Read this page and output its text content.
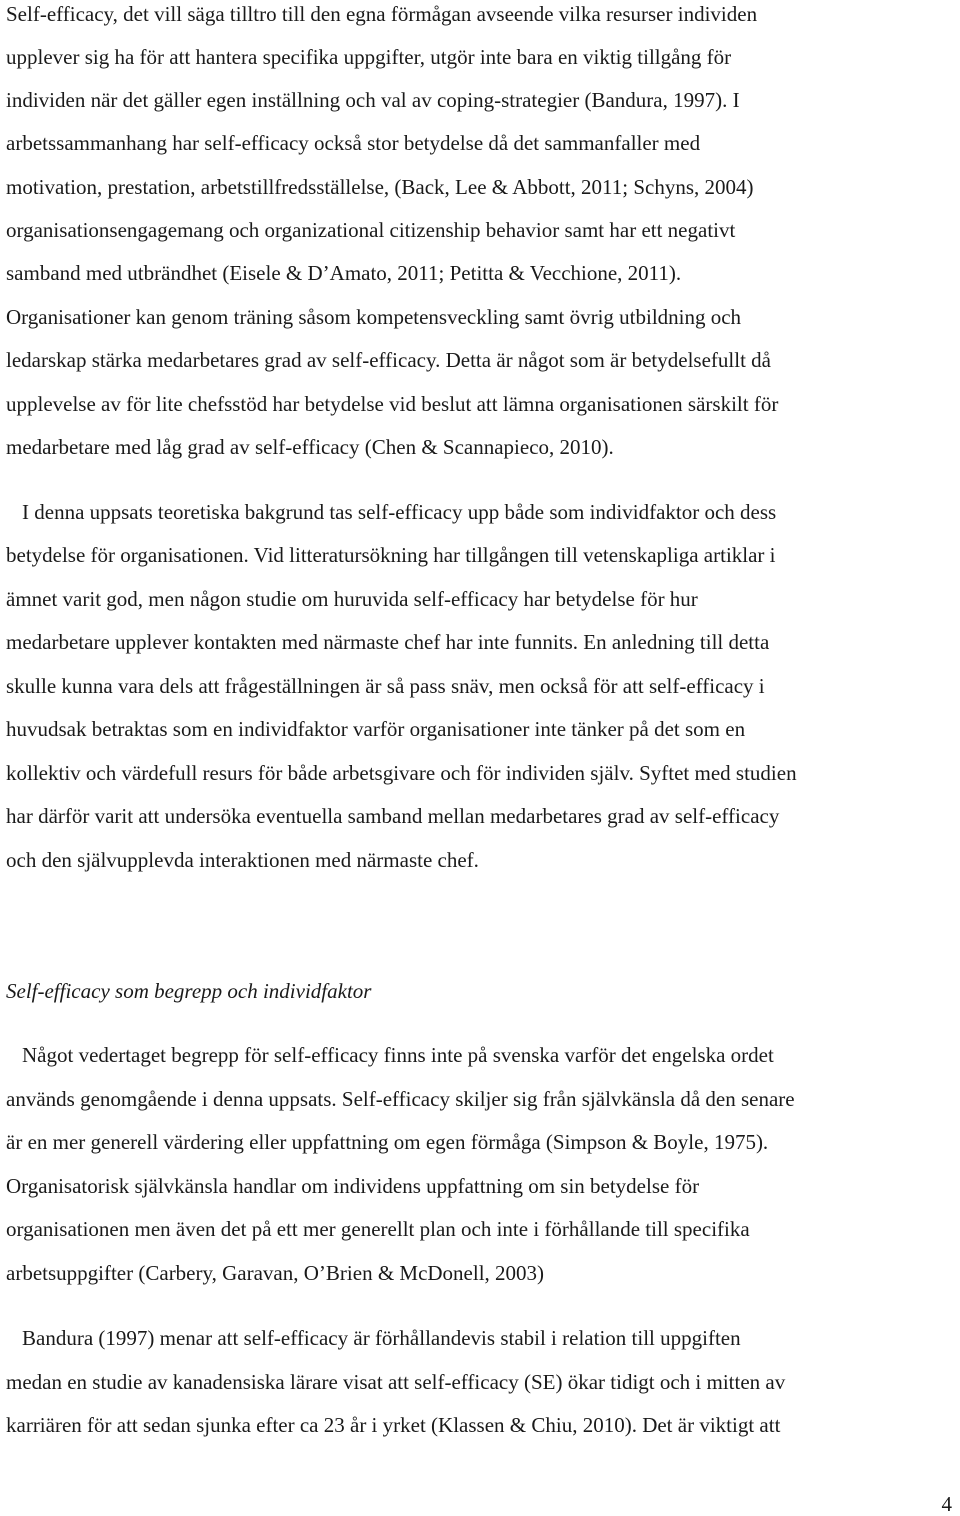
Self-efficacy, det vill säga tilltro till den egna förmågan avseende vilka resurser individen
upplever sig ha för att hantera specifika uppgifter, utgör inte bara en viktig tillgång för
individen när det gäller egen inställning och val av coping-strategier (Bandura, 1997). I
arbetssammanhang har self-efficacy också stor betydelse då det sammanfaller med
motivation, prestation, arbetstillfredsställelse, (Back, Lee & Abbott, 2011; Schyns, 2004)
organisationsengagemang och organizational citizenship behavior samt har ett negativt
samband med utbrändhet (Eisele & D’Amato, 2011; Petitta & Vecchione, 2011).
Organisationer kan genom träning såsom kompetensveckling samt övrig utbildning och
ledarskap stärka medarbetares grad av self-efficacy. Detta är något som är betydelsefullt då
upplevelse av för lite chefsstöd har betydelse vid beslut att lämna organisationen särskilt för
medarbetare med låg grad av self-efficacy (Chen & Scannapieco, 2010).
I denna uppsats teoretiska bakgrund tas self-efficacy upp både som individfaktor och dess
betydelse för organisationen. Vid litteratursökning har tillgången till vetenskapliga artiklar i
ämnet varit god, men någon studie om huruvida self-efficacy har betydelse för hur
medarbetare upplever kontakten med närmaste chef har inte funnits. En anledning till detta
skulle kunna vara dels att frågeställningen är så pass snäv, men också för att self-efficacy i
huvudsak betraktas som en individfaktor varför organisationer inte tänker på det som en
kollektiv och värdefull resurs för både arbetsgivare och för individen själv. Syftet med studien
har därför varit att undersöka eventuella samband mellan medarbetares grad av self-efficacy
och den självupplevda interaktionen med närmaste chef.
Self-efficacy som begrepp och individfaktor
Något vedertaget begrepp för self-efficacy finns inte på svenska varför det engelska ordet
används genomgående i denna uppsats. Self-efficacy skiljer sig från självkänsla då den senare
är en mer generell värdering eller uppfattning om egen förmåga (Simpson & Boyle, 1975).
Organisatorisk självkänsla handlar om individens uppfattning om sin betydelse för
organisationen men även det på ett mer generellt plan och inte i förhållande till specifika
arbetsuppgifter (Carbery, Garavan, O’Brien & McDonell, 2003)
Bandura (1997) menar att self-efficacy är förhållandevis stabil i relation till uppgiften
medan en studie av kanadensiska lärare visat att self-efficacy (SE) ökar tidigt och i mitten av
karriären för att sedan sjunka efter ca 23 år i yrket (Klassen & Chiu, 2010). Det är viktigt att
4
